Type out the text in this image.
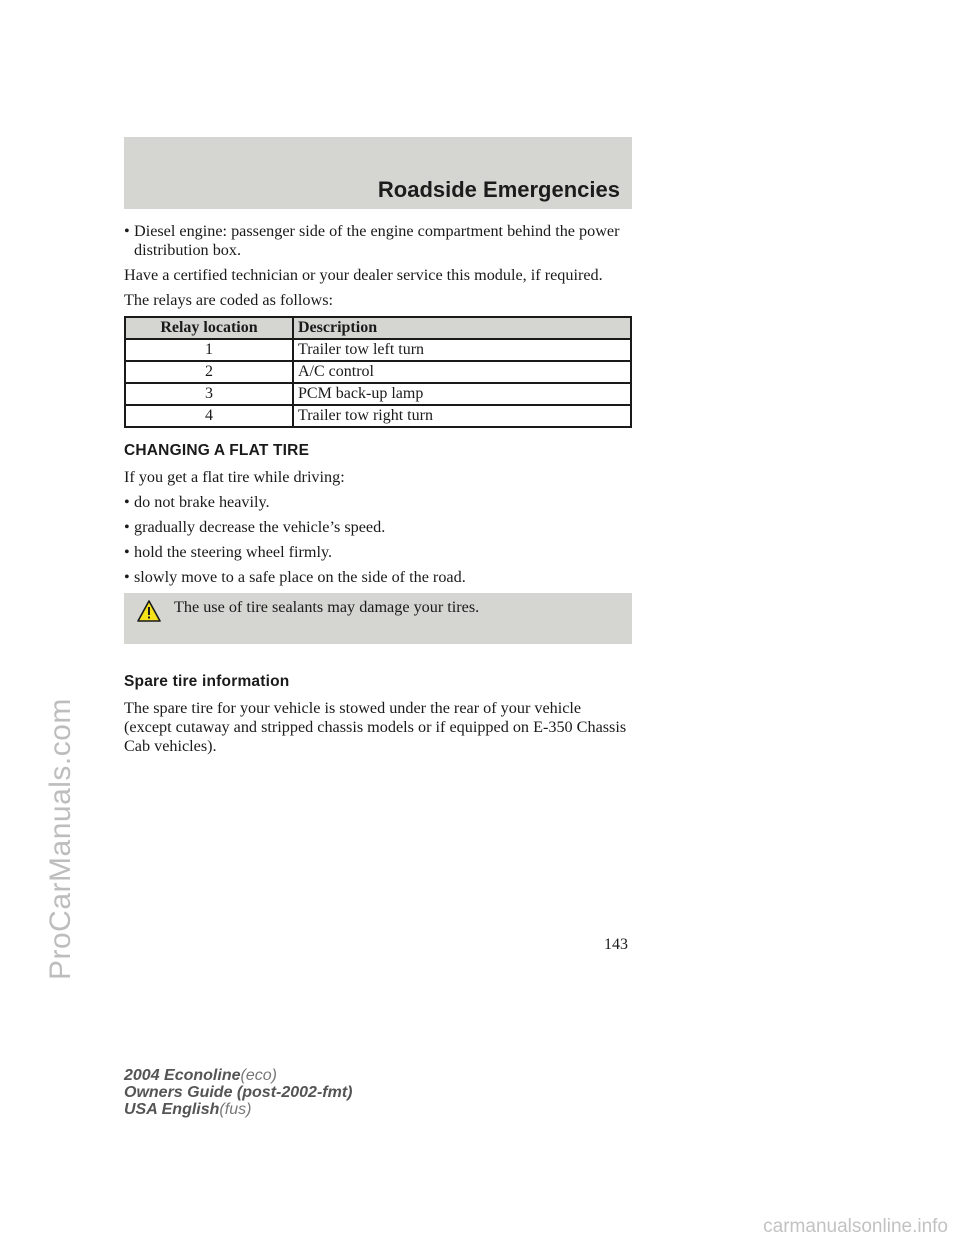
ProCarManuals.com
Roadside Emergencies
• Diesel engine: passenger side of the engine compartment behind the power distribution box.

Have a certified technician or your dealer service this module, if required.

The relays are coded as follows:

Relay location	Description
1	Trailer tow left turn
2	A/C control
3	PCM back-up lamp
4	Trailer tow right turn
CHANGING A FLAT TIRE

If you get a flat tire while driving:

• do not brake heavily.
• gradually decrease the vehicle’s speed.
• hold the steering wheel firmly.
• slowly move to a safe place on the side of the road.
The use of tire sealants may damage your tires.
Spare tire information

The spare tire for your vehicle is stowed under the rear of your vehicle (except cutaway and stripped chassis models or if equipped on E-350 Chassis Cab vehicles).

143
2004 Econoline(eco)
Owners Guide (post-2002-fmt)
USA English(fus)
carmanualsonline.info
